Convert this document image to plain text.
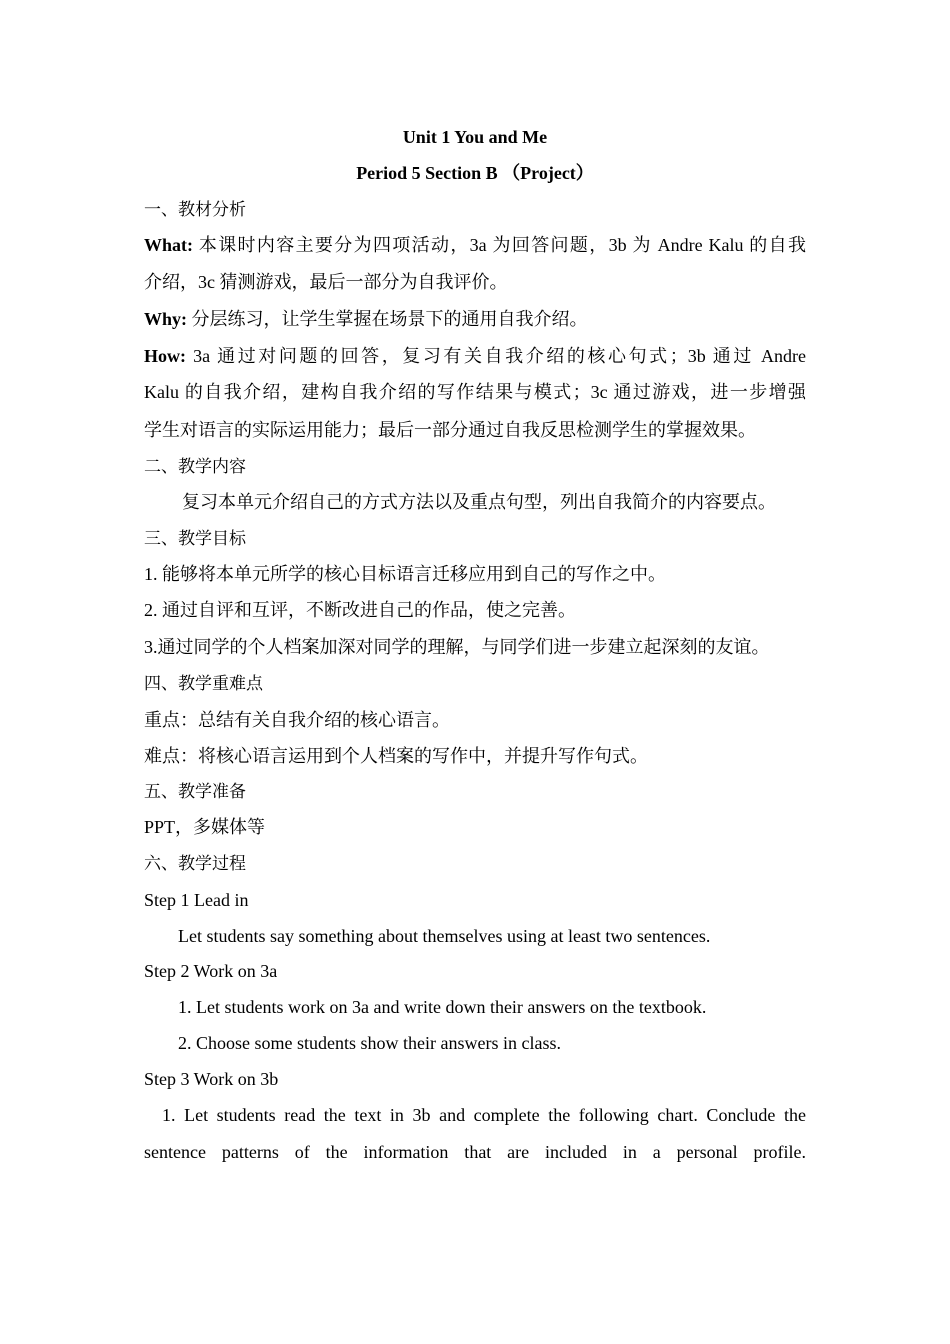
Unit 1 You and Me
Period 5 Section B （Project）
一、教材分析
What: 本课时内容主要分为四项活动，3a 为回答问题，3b 为 Andre Kalu 的自我
介绍，3c 猜测游戏，最后一部分为自我评价。
Why: 分层练习，让学生掌握在场景下的通用自我介绍。
How: 3a 通过对问题的回答，复习有关自我介绍的核心句式；3b 通过 Andre
Kalu 的自我介绍，建构自我介绍的写作结果与模式；3c 通过游戏，进一步增强
学生对语言的实际运用能力；最后一部分通过自我反思检测学生的掌握效果。
二、教学内容
复习本单元介绍自己的方式方法以及重点句型，列出自我简介的内容要点。
三、教学目标
1. 能够将本单元所学的核心目标语言迁移应用到自己的写作之中。
2. 通过自评和互评，不断改进自己的作品，使之完善。
3.通过同学的个人档案加深对同学的理解，与同学们进一步建立起深刻的友谊。
四、教学重难点
重点：总结有关自我介绍的核心语言。
难点：将核心语言运用到个人档案的写作中，并提升写作句式。
五、教学准备
PPT，多媒体等
六、教学过程
Step 1 Lead in
Let students say something about themselves using at least two sentences.
Step 2 Work on 3a
1. Let students work on 3a and write down their answers on the textbook.
2. Choose some students show their answers in class.
Step 3 Work on 3b
1. Let students read the text in 3b and complete the following chart. Conclude the
sentence patterns of the information that are included in a personal profile.
